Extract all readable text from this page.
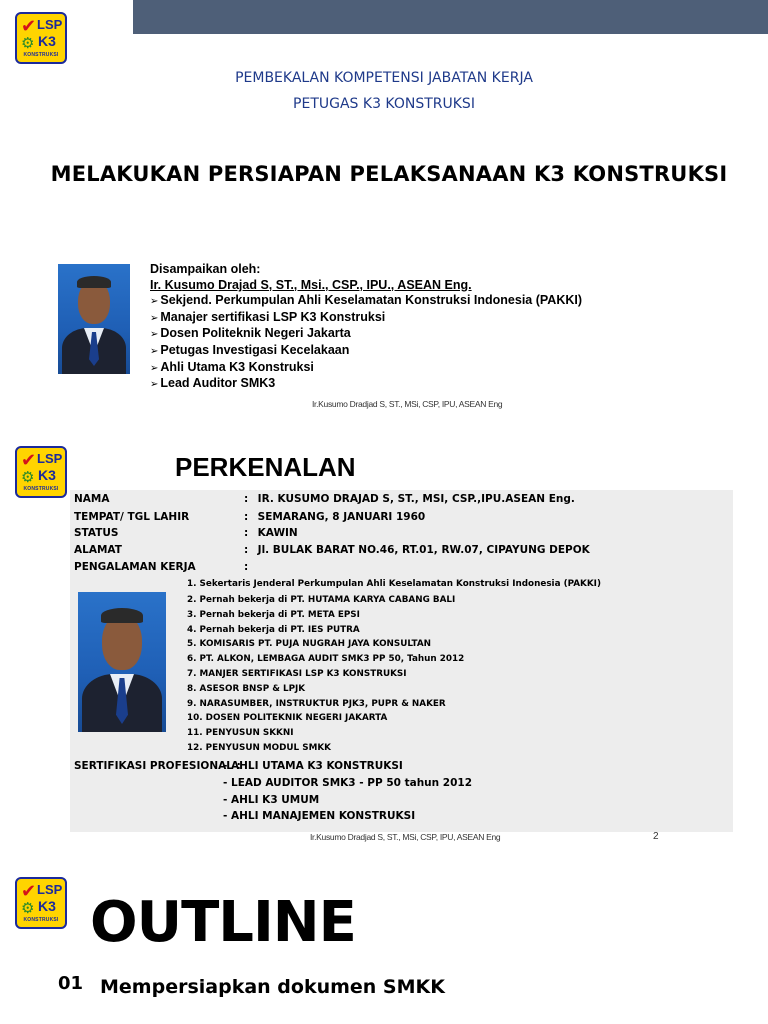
✔ LSP
⚙ K3
KONSTRUKSI
PEMBEKALAN KOMPETENSI JABATAN KERJA
PETUGAS K3 KONSTRUKSI
MELAKUKAN PERSIAPAN PELAKSANAAN K3 KONSTRUKSI
Disampaikan oleh:
Ir. Kusumo Drajad S, ST., Msi., CSP., IPU., ASEAN Eng.
➢ Sekjend. Perkumpulan Ahli Keselamatan Konstruksi Indonesia (PAKKI)
➢ Manajer sertifikasi LSP K3 Konstruksi
➢ Dosen Politeknik Negeri Jakarta
➢ Petugas Investigasi Kecelakaan
➢ Ahli Utama K3 Konstruksi
➢ Lead Auditor SMK3
Ir.Kusumo Dradjad S, ST., MSi, CSP, IPU, ASEAN Eng
✔ LSP
⚙ K3
KONSTRUKSI
PERKENALAN
NAMA	: IR. KUSUMO DRAJAD S, ST., MSI, CSP.,IPU.ASEAN Eng.
TEMPAT/ TGL LAHIR	: SEMARANG, 8 JANUARI 1960
STATUS	: KAWIN
ALAMAT	: Jl. BULAK BARAT NO.46, RT.01, RW.07, CIPAYUNG DEPOK
PENGALAMAN KERJA	:
1. Sekertaris Jenderal Perkumpulan Ahli Keselamatan Konstruksi Indonesia (PAKKI)
2. Pernah bekerja di PT. HUTAMA KARYA CABANG BALI
3. Pernah bekerja di PT. META EPSI
4. Pernah bekerja di PT. IES PUTRA
5. KOMISARIS PT. PUJA NUGRAH JAYA KONSULTAN
6. PT. ALKON, LEMBAGA AUDIT SMK3 PP 50, Tahun 2012
7. MANJER SERTIFIKASI LSP K3 KONSTRUKSI
8. ASESOR BNSP & LPJK
9. NARASUMBER, INSTRUKTUR PJK3, PUPR & NAKER
10. DOSEN POLITEKNIK NEGERI JAKARTA
11. PENYUSUN SKKNI
12. PENYUSUN MODUL SMKK
SERTIFIKASI PROFESIONAL :
- AHLI UTAMA K3 KONSTRUKSI
- LEAD AUDITOR SMK3 - PP 50 tahun 2012
- AHLI K3 UMUM
- AHLI MANAJEMEN KONSTRUKSI
Ir.Kusumo Dradjad S, ST., MSi, CSP, IPU, ASEAN Eng	2
✔ LSP
⚙ K3
KONSTRUKSI OUTLINE
01 Mempersiapkan dokumen SMKK
